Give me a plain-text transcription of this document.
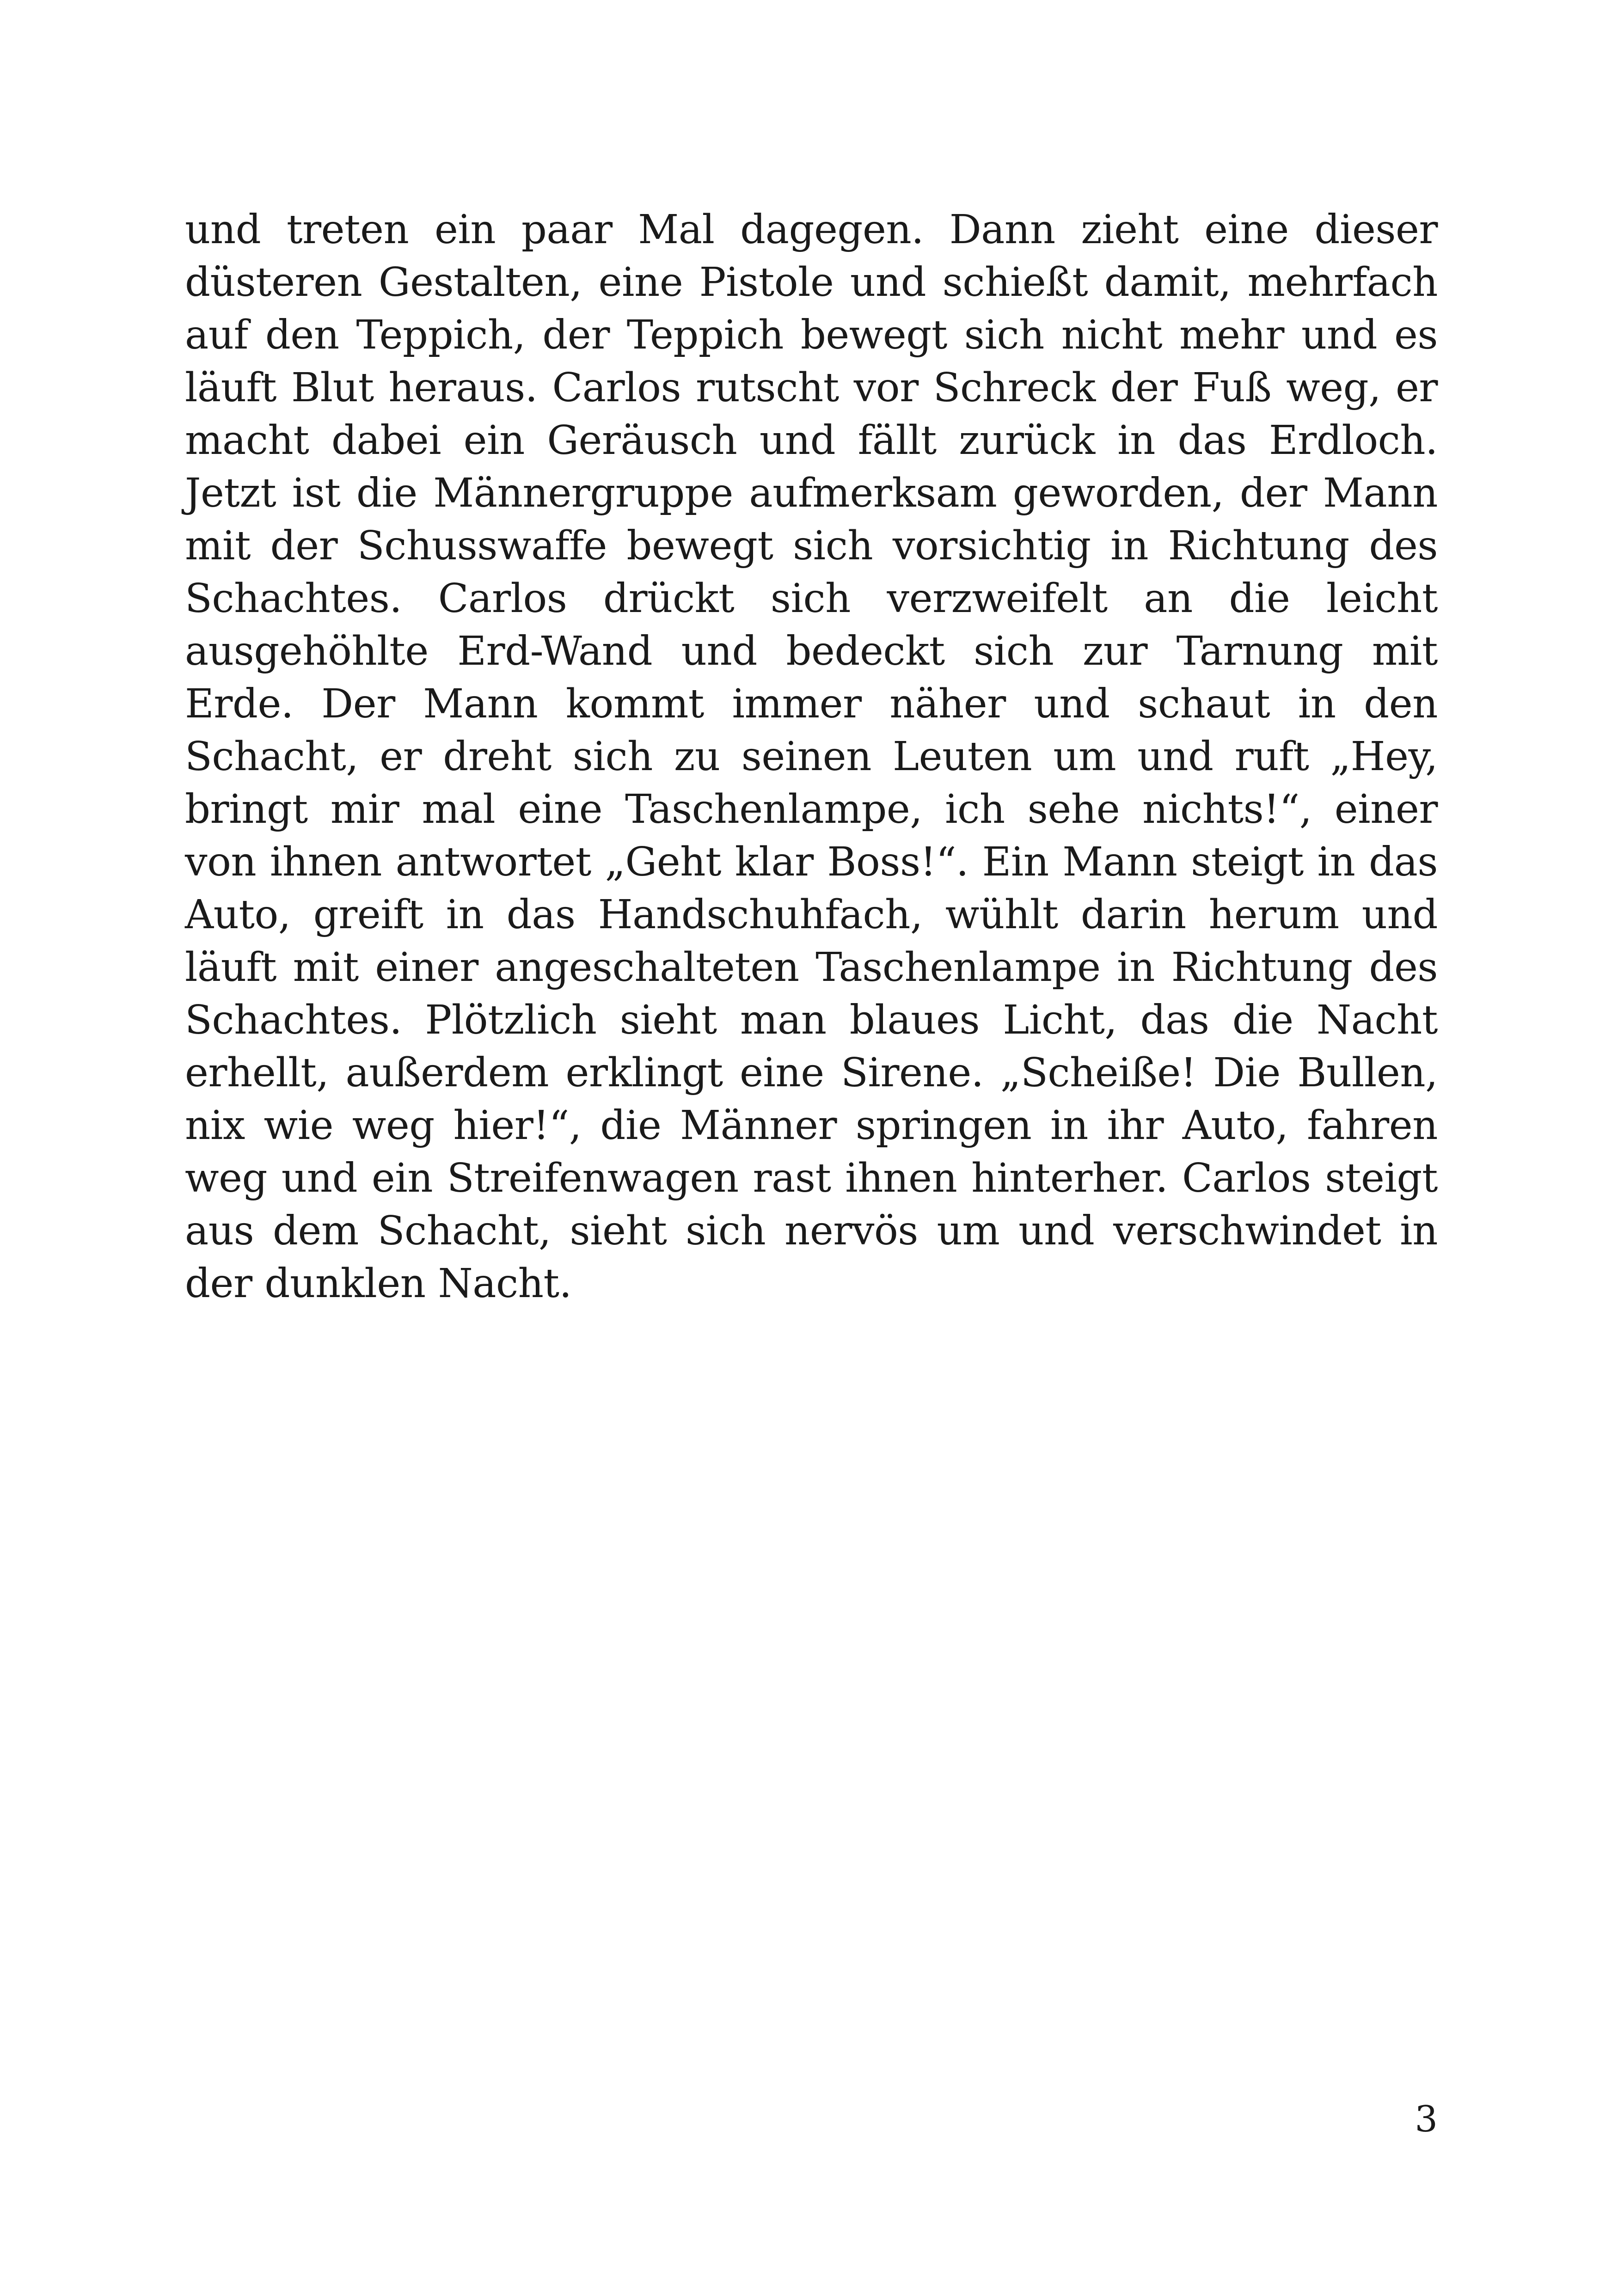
und treten ein paar Mal dagegen. Dann zieht eine dieser düsteren Gestalten, eine Pistole und schießt damit, mehrfach auf den Teppich, der Teppich bewegt sich nicht mehr und es läuft Blut heraus. Carlos rutscht vor Schreck der Fuß weg, er macht dabei ein Geräusch und fällt zurück in das Erdloch. Jetzt ist die Männergruppe aufmerksam geworden, der Mann mit der Schusswaffe bewegt sich vorsichtig in Richtung des Schachtes. Carlos drückt sich verzweifelt an die leicht ausgehöhlte Erd-Wand und bedeckt sich zur Tarnung mit Erde. Der Mann kommt immer näher und schaut in den Schacht, er dreht sich zu seinen Leuten um und ruft „Hey, bringt mir mal eine Taschenlampe, ich sehe nichts!“, einer von ihnen antwortet „Geht klar Boss!“. Ein Mann steigt in das Auto, greift in das Handschuhfach, wühlt darin herum und läuft mit einer angeschalteten Taschenlampe in Richtung des Schachtes. Plötzlich sieht man blaues Licht, das die Nacht erhellt, außerdem erklingt eine Sirene. „Scheiße! Die Bullen, nix wie weg hier!“, die Männer springen in ihr Auto, fahren weg und ein Streifenwagen rast ihnen hinterher. Carlos steigt aus dem Schacht, sieht sich nervös um und verschwindet in der dunklen Nacht.

3
